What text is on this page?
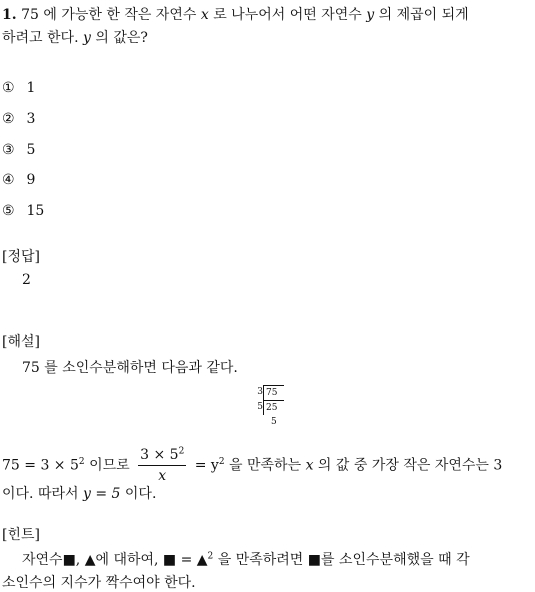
1. 75 에 가능한 한 작은 자연수 x 로 나누어서 어떤 자연수 y 의 제곱이 되게
하려고 한다. y 의 값은?
① 1
② 3
③ 5
④ 9
⑤ 15
[정답]
2
[해설]
75 를 소인수분해하면 다음과 같다.
3 75
5 25
5
$75 = 3 \times 5^2$ 이므로 $\frac{3 \times 5^2}{x} = y^2$ 을 만족하는 x 의 값 중 가장 작은 자연수는 3
이다. 따라서 y = 5 이다.
[힌트]
자연수■, ▲에 대하여, ■ = ▲$^2$ 을 만족하려면 ■를 소인수분해했을 때 각
소인수의 지수가 짝수여야 한다.
